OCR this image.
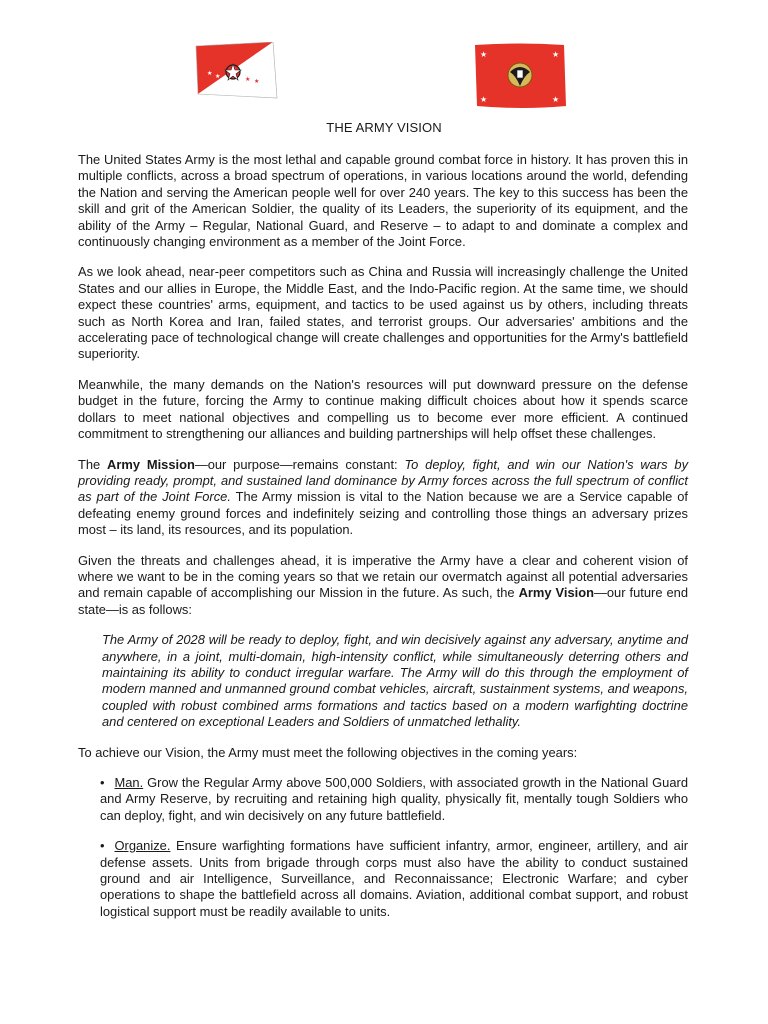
★ ★	★ ★
★	★
★	★
THE ARMY VISION

The United States Army is the most lethal and capable ground combat force in history. It has proven this in multiple conflicts, across a broad spectrum of operations, in various locations around the world, defending the Nation and serving the American people well for over 240 years. The key to this success has been the skill and grit of the American Soldier, the quality of its Leaders, the superiority of its equipment, and the ability of the Army – Regular, National Guard, and Reserve – to adapt to and dominate a complex and continuously changing environment as a member of the Joint Force.

As we look ahead, near-peer competitors such as China and Russia will increasingly challenge the United States and our allies in Europe, the Middle East, and the Indo-Pacific region. At the same time, we should expect these countries' arms, equipment, and tactics to be used against us by others, including threats such as North Korea and Iran, failed states, and terrorist groups. Our adversaries' ambitions and the accelerating pace of technological change will create challenges and opportunities for the Army's battlefield superiority.

Meanwhile, the many demands on the Nation's resources will put downward pressure on the defense budget in the future, forcing the Army to continue making difficult choices about how it spends scarce dollars to meet national objectives and compelling us to become ever more efficient. A continued commitment to strengthening our alliances and building partnerships will help offset these challenges.

The Army Mission—our purpose—remains constant: To deploy, fight, and win our Nation's wars by providing ready, prompt, and sustained land dominance by Army forces across the full spectrum of conflict as part of the Joint Force. The Army mission is vital to the Nation because we are a Service capable of defeating enemy ground forces and indefinitely seizing and controlling those things an adversary prizes most – its land, its resources, and its population.

Given the threats and challenges ahead, it is imperative the Army have a clear and coherent vision of where we want to be in the coming years so that we retain our overmatch against all potential adversaries and remain capable of accomplishing our Mission in the future. As such, the Army Vision—our future end state—is as follows:

The Army of 2028 will be ready to deploy, fight, and win decisively against any adversary, anytime and anywhere, in a joint, multi-domain, high-intensity conflict, while simultaneously deterring others and maintaining its ability to conduct irregular warfare. The Army will do this through the employment of modern manned and unmanned ground combat vehicles, aircraft, sustainment systems, and weapons, coupled with robust combined arms formations and tactics based on a modern warfighting doctrine and centered on exceptional Leaders and Soldiers of unmatched lethality.

To achieve our Vision, the Army must meet the following objectives in the coming years:

• Man. Grow the Regular Army above 500,000 Soldiers, with associated growth in the National Guard and Army Reserve, by recruiting and retaining high quality, physically fit, mentally tough Soldiers who can deploy, fight, and win decisively on any future battlefield.

• Organize. Ensure warfighting formations have sufficient infantry, armor, engineer, artillery, and air defense assets. Units from brigade through corps must also have the ability to conduct sustained ground and air Intelligence, Surveillance, and Reconnaissance; Electronic Warfare; and cyber operations to shape the battlefield across all domains. Aviation, additional combat support, and robust logistical support must be readily available to units.
